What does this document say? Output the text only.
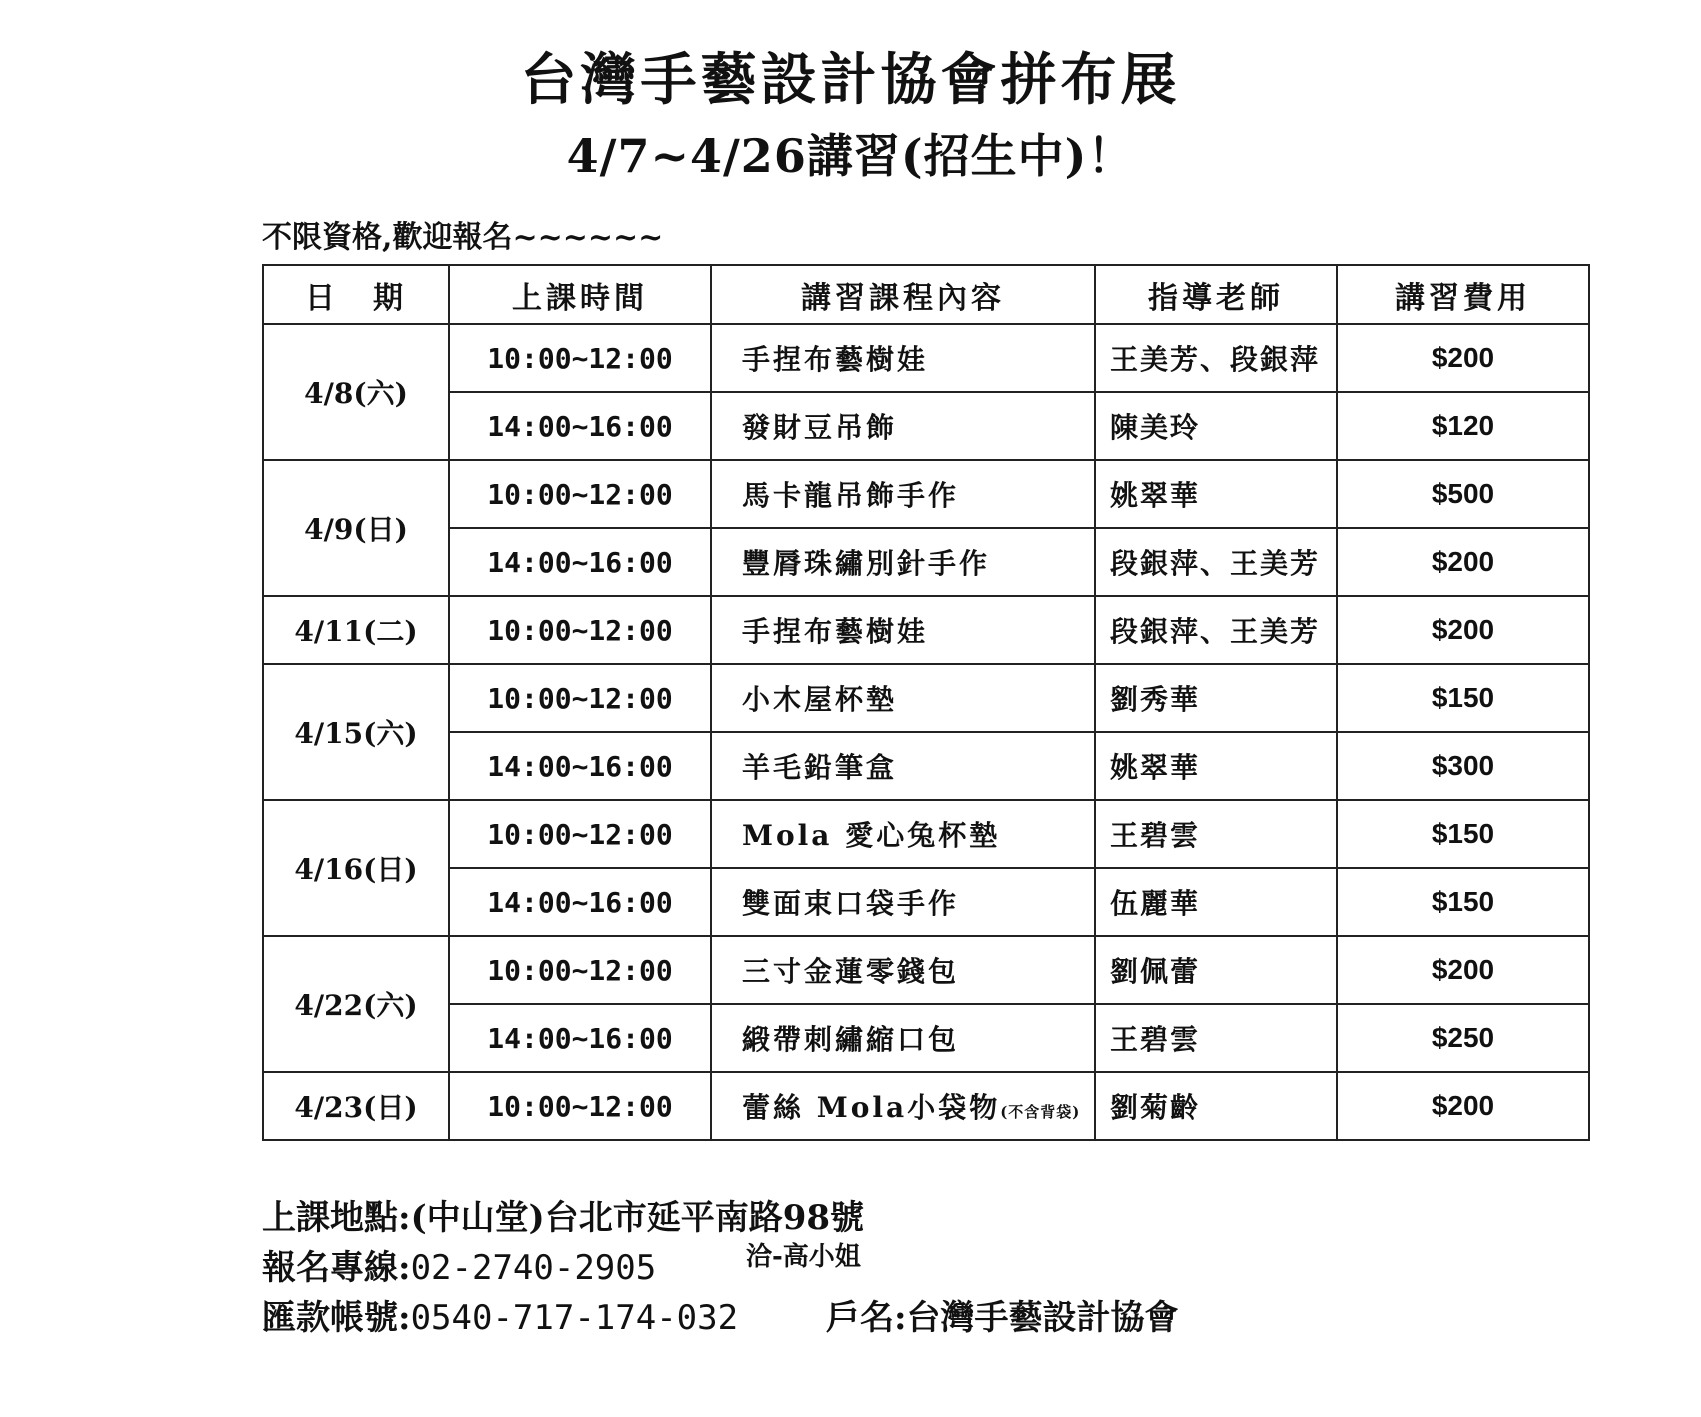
台灣手藝設計協會拼布展
4/7~4/26講習(招生中)！
不限資格,歡迎報名~~~~~~
日　期	上課時間	講習課程內容	指導老師	講習費用
4/8(六)	10:00~12:00	手捏布藝樹娃	王美芳、段銀萍	$200
	14:00~16:00	發財豆吊飾	陳美玲	$120
4/9(日)	10:00~12:00	馬卡龍吊飾手作	姚翠華	$500
	14:00~16:00	豐脣珠繡別針手作	段銀萍、王美芳	$200
4/11(二)	10:00~12:00	手捏布藝樹娃	段銀萍、王美芳	$200
4/15(六)	10:00~12:00	小木屋杯墊	劉秀華	$150
	14:00~16:00	羊毛鉛筆盒	姚翠華	$300
4/16(日)	10:00~12:00	Mola 愛心兔杯墊	王碧雲	$150
	14:00~16:00	雙面束口袋手作	伍麗華	$150
4/22(六)	10:00~12:00	三寸金蓮零錢包	劉佩蕾	$200
	14:00~16:00	緞帶刺繡縮口包	王碧雲	$250
4/23(日)	10:00~12:00	蕾絲 Mola小袋物(不含背袋)	劉菊齡	$200
上課地點:(中山堂)台北市延平南路98號
報名專線:02-2740-2905	洽-高小姐
匯款帳號:0540-717-174-032	戶名:台灣手藝設計協會
